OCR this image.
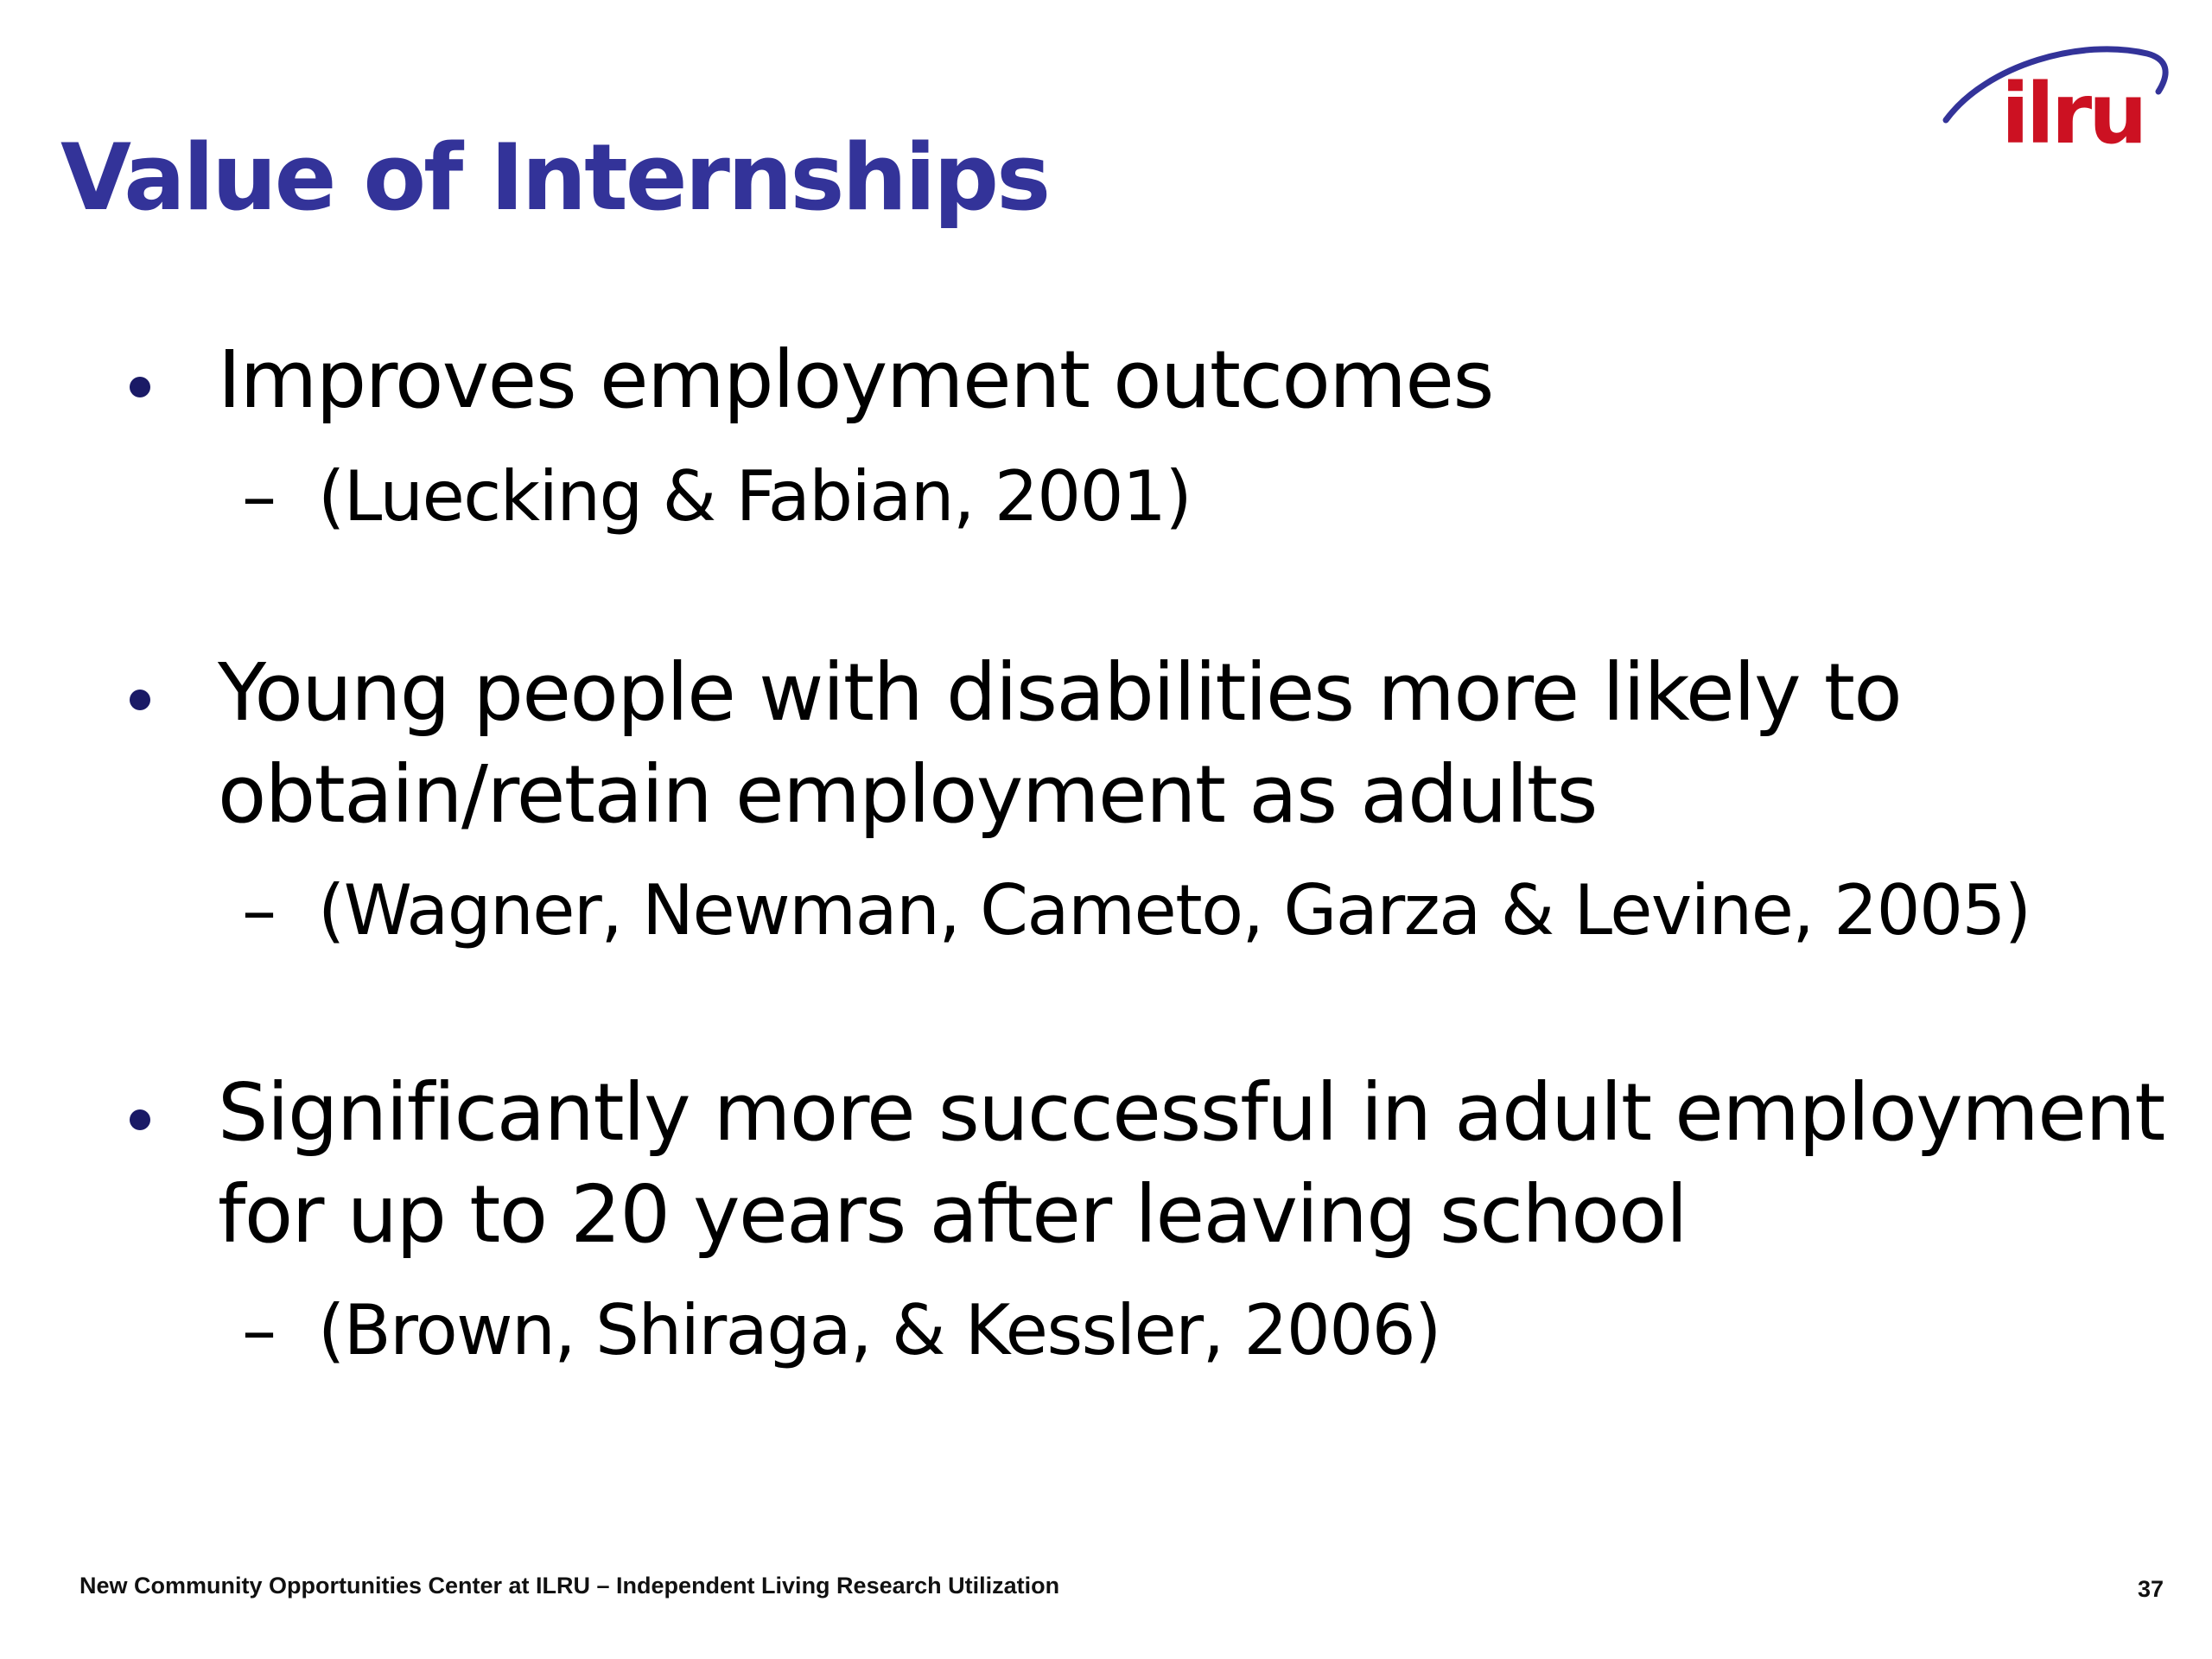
Value of Internships
ilru
Improves employment outcomes
– (Luecking & Fabian, 2001)
Young people with disabilities more likely to
obtain/retain employment as adults
– (Wagner, Newman, Cameto, Garza & Levine, 2005)
Significantly more successful in adult employment
for up to 20 years after leaving school
– (Brown, Shiraga, & Kessler, 2006)
New Community Opportunities Center at ILRU – Independent Living Research Utilization	37
